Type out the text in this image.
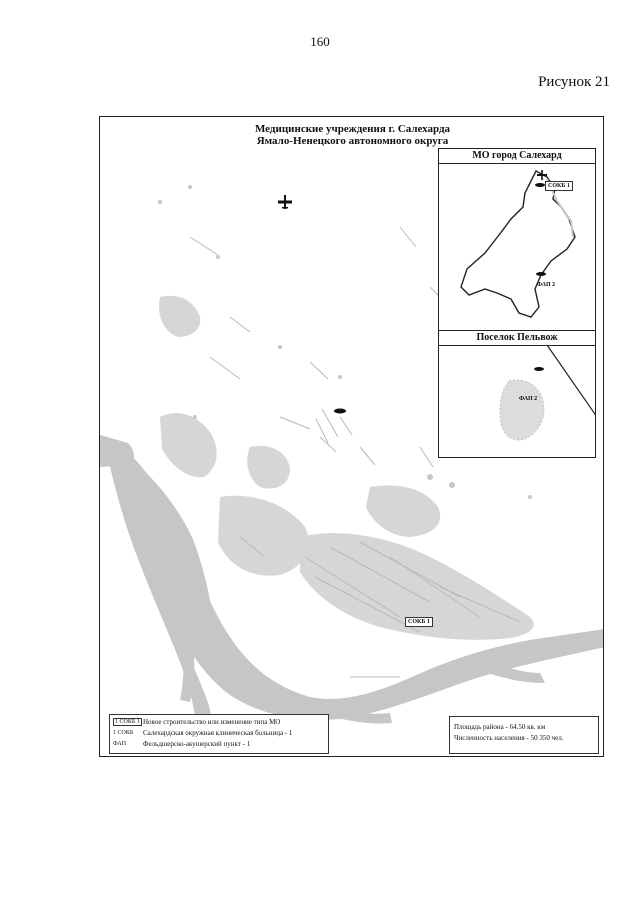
160
Рисунок 21
Медицинские учреждения г. Салехарда
Ямало-Ненецкого автономного округа
СОКБ 1
МО город Салехард
СОКБ 1
ФАП 2
Поселок Пельвож
ФАП 2
1 СОКБ 1 Новое строительство или изменение типа МО
1 СОКБ	Салехардская окружная клиническая больница - 1
ФАП	Фельдшерско-акушерский пункт - 1
Площадь района - 64.50 кв. км
Численность населения - 50 350 чел.
